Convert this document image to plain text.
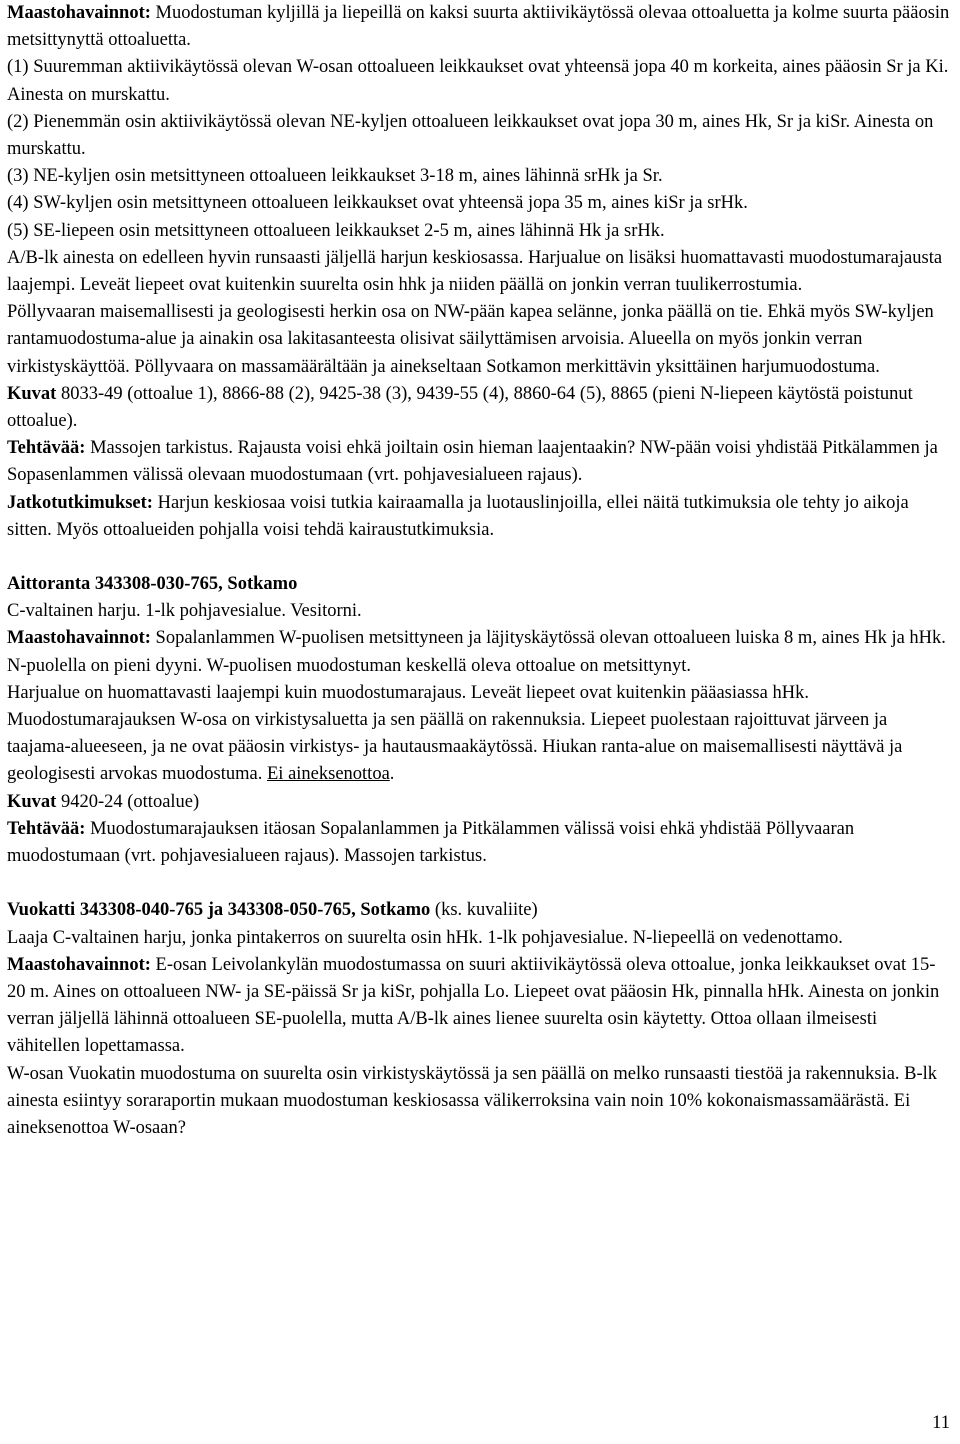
Maastohavainnot: Muodostuman kyljillä ja liepeillä on kaksi suurta aktiivikäytössä olevaa ottoaluetta ja kolme suurta pääosin metsittynyttä ottoaluetta.

(1) Suuremman aktiivikäytössä olevan W-osan ottoalueen leikkaukset ovat yhteensä jopa 40 m korkeita, aines pääosin Sr ja Ki. Ainesta on murskattu.

(2) Pienemmän osin aktiivikäytössä olevan NE-kyljen ottoalueen leikkaukset ovat jopa 30 m, aines Hk, Sr ja kiSr. Ainesta on murskattu.

(3) NE-kyljen osin metsittyneen ottoalueen leikkaukset 3-18 m, aines lähinnä srHk ja Sr.

(4) SW-kyljen osin metsittyneen ottoalueen leikkaukset ovat yhteensä jopa 35 m, aines kiSr ja srHk.

(5) SE-liepeen osin metsittyneen ottoalueen leikkaukset 2-5 m, aines lähinnä Hk ja srHk.

A/B-lk ainesta on edelleen hyvin runsaasti jäljellä harjun keskiosassa. Harjualue on lisäksi huomattavasti muodostumarajausta laajempi. Leveät liepeet ovat kuitenkin suurelta osin hhk ja niiden päällä on jonkin verran tuulikerrostumia.

Pöllyvaaran maisemallisesti ja geologisesti herkin osa on NW-pään kapea selänne, jonka päällä on tie. Ehkä myös SW-kyljen rantamuodostuma-alue ja ainakin osa lakitasanteesta olisivat säilyttämisen arvoisia. Alueella on myös jonkin verran virkistyskäyttöä. Pöllyvaara on massamäärältään ja ainekseltaan Sotkamon merkittävin yksittäinen harjumuodostuma.

Kuvat 8033-49 (ottoalue 1), 8866-88 (2), 9425-38 (3), 9439-55 (4), 8860-64 (5), 8865 (pieni N-liepeen käytöstä poistunut ottoalue).

Tehtävää: Massojen tarkistus. Rajausta voisi ehkä joiltain osin hieman laajentaakin? NW-pään voisi yhdistää Pitkälammen ja Sopasenlammen välissä olevaan muodostumaan (vrt. pohjavesialueen rajaus).

Jatkotutkimukset: Harjun keskiosaa voisi tutkia kairaamalla ja luotauslinjoilla, ellei näitä tutkimuksia ole tehty jo aikoja sitten. Myös ottoalueiden pohjalla voisi tehdä kairaustutkimuksia.

Aittoranta 343308-030-765, Sotkamo

C-valtainen harju. 1-lk pohjavesialue. Vesitorni.

Maastohavainnot: Sopalanlammen W-puolisen metsittyneen ja läjityskäytössä olevan ottoalueen luiska 8 m, aines Hk ja hHk. N-puolella on pieni dyyni. W-puolisen muodostuman keskellä oleva ottoalue on metsittynyt.

Harjualue on huomattavasti laajempi kuin muodostumarajaus. Leveät liepeet ovat kuitenkin pääasiassa hHk. Muodostumarajauksen W-osa on virkistysaluetta ja sen päällä on rakennuksia. Liepeet puolestaan rajoittuvat järveen ja taajama-alueeseen, ja ne ovat pääosin virkistys- ja hautausmaakäytössä. Hiukan ranta-alue on maisemallisesti näyttävä ja geologisesti arvokas muodostuma. Ei aineksenottoa.

Kuvat 9420-24 (ottoalue)

Tehtävää: Muodostumarajauksen itäosan Sopalanlammen ja Pitkälammen välissä voisi ehkä yhdistää Pöllyvaaran muodostumaan (vrt. pohjavesialueen rajaus). Massojen tarkistus.

Vuokatti 343308-040-765 ja 343308-050-765, Sotkamo (ks. kuvaliite)

Laaja C-valtainen harju, jonka pintakerros on suurelta osin hHk. 1-lk pohjavesialue. N-liepeellä on vedenottamo.

Maastohavainnot: E-osan Leivolankylän muodostumassa on suuri aktiivikäytössä oleva ottoalue, jonka leikkaukset ovat 15-20 m. Aines on ottoalueen NW- ja SE-päissä Sr ja kiSr, pohjalla Lo. Liepeet ovat pääosin Hk, pinnalla hHk. Ainesta on jonkin verran jäljellä lähinnä ottoalueen SE-puolella, mutta A/B-lk aines lienee suurelta osin käytetty. Ottoa ollaan ilmeisesti vähitellen lopettamassa.

W-osan Vuokatin muodostuma on suurelta osin virkistyskäytössä ja sen päällä on melko runsaasti tiestöä ja rakennuksia. B-lk ainesta esiintyy soraraportin mukaan muodostuman keskiosassa välikerroksina vain noin 10% kokonaismassamäärästä. Ei aineksenottoa W-osaan?

11
